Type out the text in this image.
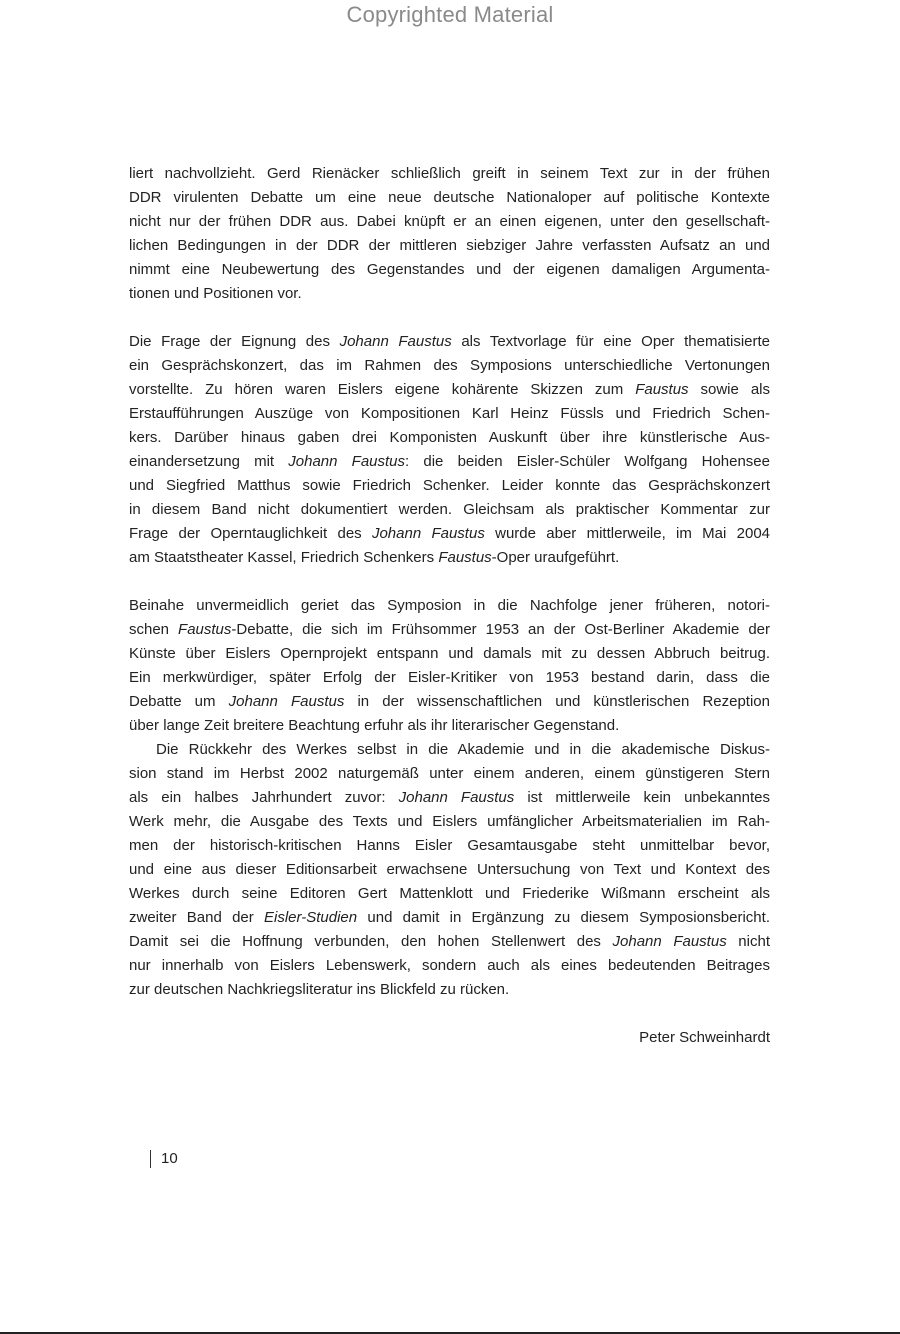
Copyrighted Material
liert nachvollzieht. Gerd Rienäcker schließlich greift in seinem Text zur in der frühen
DDR virulenten Debatte um eine neue deutsche Nationaloper auf politische Kontexte
nicht nur der frühen DDR aus. Dabei knüpft er an einen eigenen, unter den gesellschaft-
lichen Bedingungen in der DDR der mittleren siebziger Jahre verfassten Aufsatz an und
nimmt eine Neubewertung des Gegenstandes und der eigenen damaligen Argumenta-
tionen und Positionen vor.
Die Frage der Eignung des Johann Faustus als Textvorlage für eine Oper thematisierte
ein Gesprächskonzert, das im Rahmen des Symposions unterschiedliche Vertonungen
vorstellte. Zu hören waren Eislers eigene kohärente Skizzen zum Faustus sowie als
Erstaufführungen Auszüge von Kompositionen Karl Heinz Füssls und Friedrich Schen-
kers. Darüber hinaus gaben drei Komponisten Auskunft über ihre künstlerische Aus-
einandersetzung mit Johann Faustus: die beiden Eisler-Schüler Wolfgang Hohensee
und Siegfried Matthus sowie Friedrich Schenker. Leider konnte das Gesprächskonzert
in diesem Band nicht dokumentiert werden. Gleichsam als praktischer Kommentar zur
Frage der Operntauglichkeit des Johann Faustus wurde aber mittlerweile, im Mai 2004
am Staatstheater Kassel, Friedrich Schenkers Faustus-Oper uraufgeführt.
Beinahe unvermeidlich geriet das Symposion in die Nachfolge jener früheren, notori-
schen Faustus-Debatte, die sich im Frühsommer 1953 an der Ost-Berliner Akademie der
Künste über Eislers Opernprojekt entspann und damals mit zu dessen Abbruch beitrug.
Ein merkwürdiger, später Erfolg der Eisler-Kritiker von 1953 bestand darin, dass die
Debatte um Johann Faustus in der wissenschaftlichen und künstlerischen Rezeption
über lange Zeit breitere Beachtung erfuhr als ihr literarischer Gegenstand.
Die Rückkehr des Werkes selbst in die Akademie und in die akademische Diskus-
sion stand im Herbst 2002 naturgemäß unter einem anderen, einem günstigeren Stern
als ein halbes Jahrhundert zuvor: Johann Faustus ist mittlerweile kein unbekanntes
Werk mehr, die Ausgabe des Texts und Eislers umfänglicher Arbeitsmaterialien im Rah-
men der historisch-kritischen Hanns Eisler Gesamtausgabe steht unmittelbar bevor,
und eine aus dieser Editionsarbeit erwachsene Untersuchung von Text und Kontext des
Werkes durch seine Editoren Gert Mattenklott und Friederike Wißmann erscheint als
zweiter Band der Eisler-Studien und damit in Ergänzung zu diesem Symposionsbericht.
Damit sei die Hoffnung verbunden, den hohen Stellenwert des Johann Faustus nicht
nur innerhalb von Eislers Lebenswerk, sondern auch als eines bedeutenden Beitrages
zur deutschen Nachkriegsliteratur ins Blickfeld zu rücken.
Peter Schweinhardt
10
